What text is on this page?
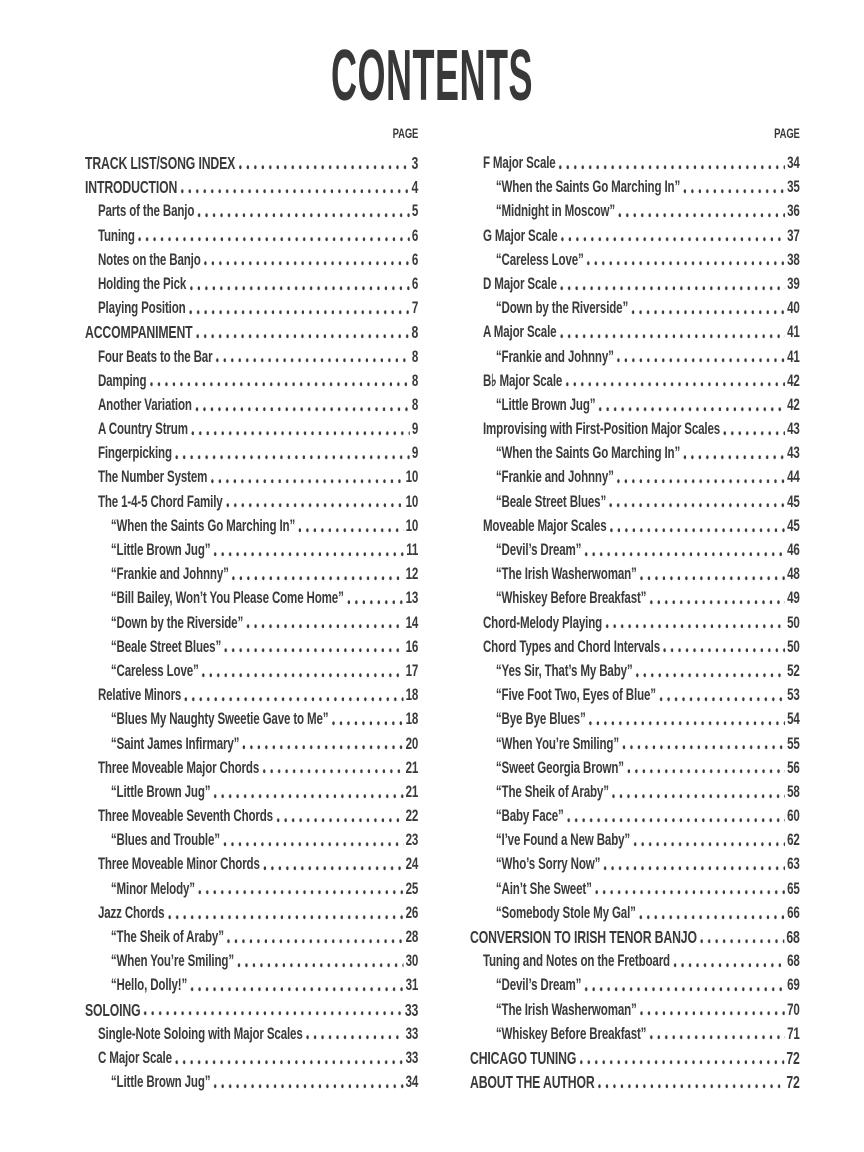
CONTENTS
PAGE
TRACK LIST/SONG INDEX	3
INTRODUCTION	4
Parts of the Banjo	5
Tuning	6
Notes on the Banjo	6
Holding the Pick	6
Playing Position	7
ACCOMPANIMENT	8
Four Beats to the Bar	8
Damping	8
Another Variation	8
A Country Strum	9
Fingerpicking	9
The Number System	10
The 1-4-5 Chord Family	10
“When the Saints Go Marching In”	10
“Little Brown Jug”	11
“Frankie and Johnny”	12
“Bill Bailey, Won’t You Please Come Home”	13
“Down by the Riverside”	14
“Beale Street Blues”	16
“Careless Love”	17
Relative Minors	18
“Blues My Naughty Sweetie Gave to Me”	18
“Saint James Infirmary”	20
Three Moveable Major Chords	21
“Little Brown Jug”	21
Three Moveable Seventh Chords	22
“Blues and Trouble”	23
Three Moveable Minor Chords	24
“Minor Melody”	25
Jazz Chords	26
“The Sheik of Araby”	28
“When You’re Smiling”	30
“Hello, Dolly!”	31
SOLOING	33
Single-Note Soloing with Major Scales	33
C Major Scale	33
“Little Brown Jug”	34
PAGE
F Major Scale	34
“When the Saints Go Marching In”	35
“Midnight in Moscow”	36
G Major Scale	37
“Careless Love”	38
D Major Scale	39
“Down by the Riverside”	40
A Major Scale	41
“Frankie and Johnny”	41
B♭ Major Scale	42
“Little Brown Jug”	42
Improvising with First-Position Major Scales	43
“When the Saints Go Marching In”	43
“Frankie and Johnny”	44
“Beale Street Blues”	45
Moveable Major Scales	45
“Devil’s Dream”	46
“The Irish Washerwoman”	48
“Whiskey Before Breakfast”	49
Chord-Melody Playing	50
Chord Types and Chord Intervals	50
“Yes Sir, That’s My Baby”	52
“Five Foot Two, Eyes of Blue”	53
“Bye Bye Blues”	54
“When You’re Smiling”	55
“Sweet Georgia Brown”	56
“The Sheik of Araby”	58
“Baby Face”	60
“I’ve Found a New Baby”	62
“Who’s Sorry Now”	63
“Ain’t She Sweet”	65
“Somebody Stole My Gal”	66
CONVERSION TO IRISH TENOR BANJO	68
Tuning and Notes on the Fretboard	68
“Devil’s Dream”	69
“The Irish Washerwoman”	70
“Whiskey Before Breakfast”	71
CHICAGO TUNING	72
ABOUT THE AUTHOR	72
